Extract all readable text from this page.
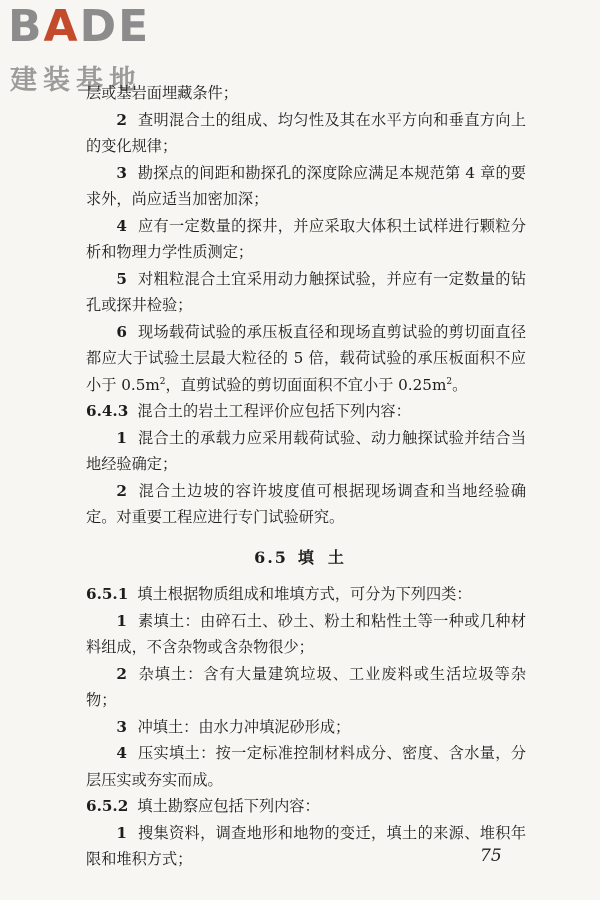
BADE
建装基地

层或基岩面埋藏条件；

2 查明混合土的组成、均匀性及其在水平方向和垂直方向上的变化规律；

3 勘探点的间距和勘探孔的深度除应满足本规范第 4 章的要求外，尚应适当加密加深；

4 应有一定数量的探井，并应采取大体积土试样进行颗粒分析和物理力学性质测定；

5 对粗粒混合土宜采用动力触探试验，并应有一定数量的钻孔或探井检验；

6 现场载荷试验的承压板直径和现场直剪试验的剪切面直径都应大于试验土层最大粒径的 5 倍，载荷试验的承压板面积不应小于 $0.5m^2$，直剪试验的剪切面面积不宜小于 $0.25m^2$。

6.4.3 混合土的岩土工程评价应包括下列内容：

1 混合土的承载力应采用载荷试验、动力触探试验并结合当地经验确定；

2 混合土边坡的容许坡度值可根据现场调查和当地经验确定。对重要工程应进行专门试验研究。

6.5 填土

6.5.1 填土根据物质组成和堆填方式，可分为下列四类：

1 素填土：由碎石土、砂土、粉土和粘性土等一种或几种材料组成，不含杂物或含杂物很少；

2 杂填土：含有大量建筑垃圾、工业废料或生活垃圾等杂物；

3 冲填土：由水力冲填泥砂形成；

4 压实填土：按一定标准控制材料成分、密度、含水量，分层压实或夯实而成。

6.5.2 填土勘察应包括下列内容：

1 搜集资料，调查地形和地物的变迁，填土的来源、堆积年限和堆积方式；	75
